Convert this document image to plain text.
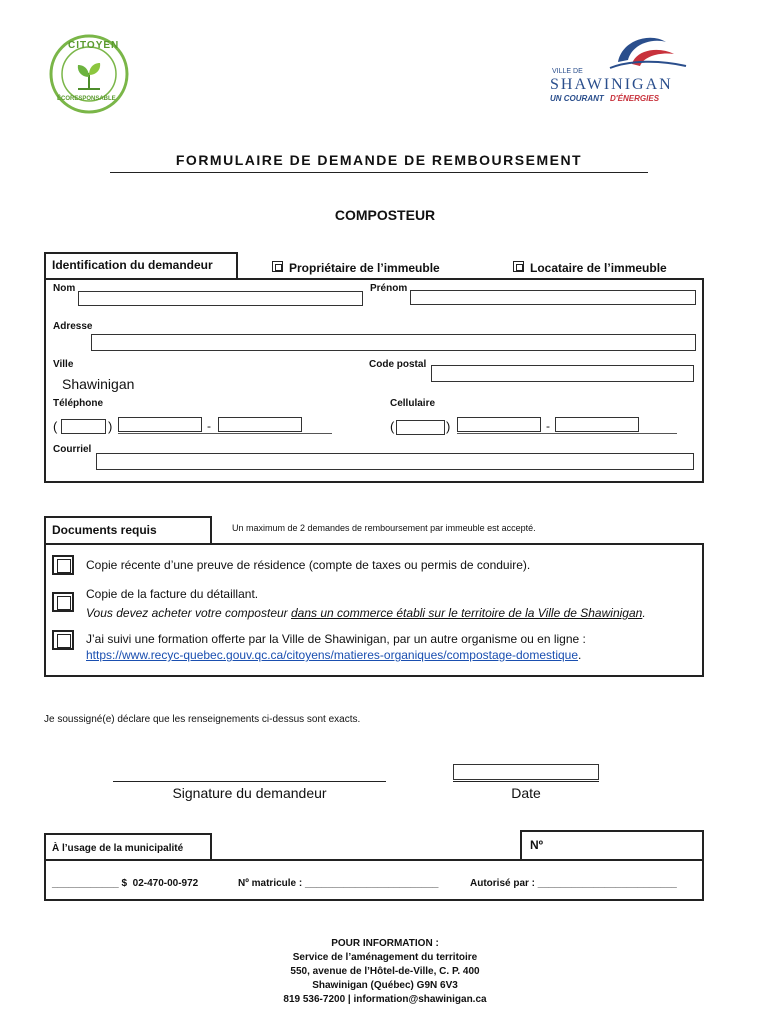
CITOYEN
ÉCORESPONSABLE
VILLE DE
SHAWINIGAN
UN COURANT D'ÉNERGIES
FORMULAIRE DE DEMANDE DE REMBOURSEMENT
COMPOSTEUR
Identification du demandeur	Propriétaire de l’immeuble	Locataire de l’immeuble
Nom	Prénom
Adresse
Ville	Code postal
Shawinigan
Téléphone	Cellulaire
(	)	-	(	)	-
Courriel
Documents requis	Un maximum de 2 demandes de remboursement par immeuble est accepté.
Copie récente d’une preuve de résidence (compte de taxes ou permis de conduire).
Copie de la facture du détaillant.
Vous devez acheter votre composteur dans un commerce établi sur le territoire de la Ville de Shawinigan.
J’ai suivi une formation offerte par la Ville de Shawinigan, par un autre organisme ou en ligne :
https://www.recyc-quebec.gouv.qc.ca/citoyens/matieres-organiques/compostage-domestique.
Je soussigné(e) déclare que les renseignements ci-dessus sont exacts.
Signature du demandeur	Date
À l’usage de la municipalité	Nº
____________ $  02-470-00-972	Nº matricule : ________________________	Autorisé par : _________________________
POUR INFORMATION :
Service de l’aménagement du territoire
550, avenue de l’Hôtel-de-Ville, C. P. 400
Shawinigan (Québec) G9N 6V3
819 536-7200 | information@shawinigan.ca
